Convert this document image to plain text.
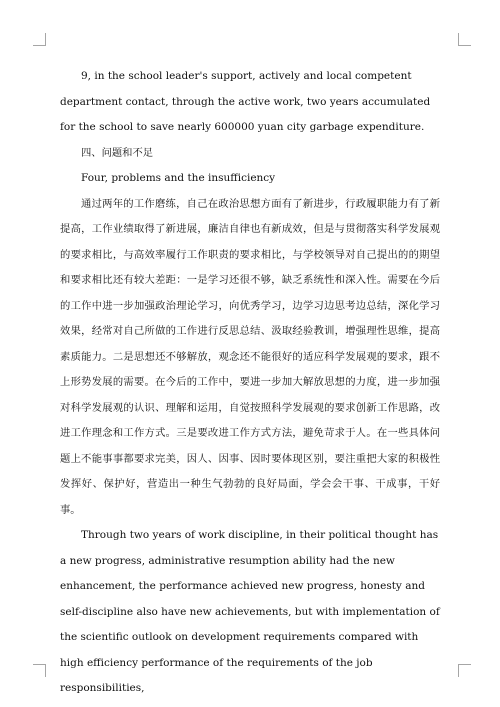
9, in the school leader's support, actively and local competent department contact, through the active work, two years accumulated for the school to save nearly 600000 yuan city garbage expenditure.

四、问题和不足

Four, problems and the insufficiency

通过两年的工作磨练，自己在政治思想方面有了新进步，行政履职能力有了新提高，工作业绩取得了新进展，廉洁自律也有新成效，但是与贯彻落实科学发展观的要求相比，与高效率履行工作职责的要求相比，与学校领导对自己提出的的期望和要求相比还有较大差距：一是学习还很不够，缺乏系统性和深入性。需要在今后的工作中进一步加强政治理论学习，向优秀学习，边学习边思考边总结，深化学习效果，经常对自己所做的工作进行反思总结、汲取经验教训，增强理性思维，提高素质能力。二是思想还不够解放，观念还不能很好的适应科学发展观的要求，跟不上形势发展的需要。在今后的工作中，要进一步加大解放思想的力度，进一步加强对科学发展观的认识、理解和运用，自觉按照科学发展观的要求创新工作思路，改进工作理念和工作方式。三是要改进工作方式方法，避免苛求于人。在一些具体问题上不能事事都要求完美，因人、因事、因时要体现区别，要注重把大家的积极性发挥好、保护好，营造出一种生气勃勃的良好局面，学会会干事、干成事，干好事。

Through two years of work discipline, in their political thought has a new progress, administrative resumption ability had the new enhancement, the performance achieved new progress, honesty and self-discipline also have new achievements, but with implementation of the scientific outlook on development requirements compared with high efficiency performance of the requirements of the job responsibilities,
